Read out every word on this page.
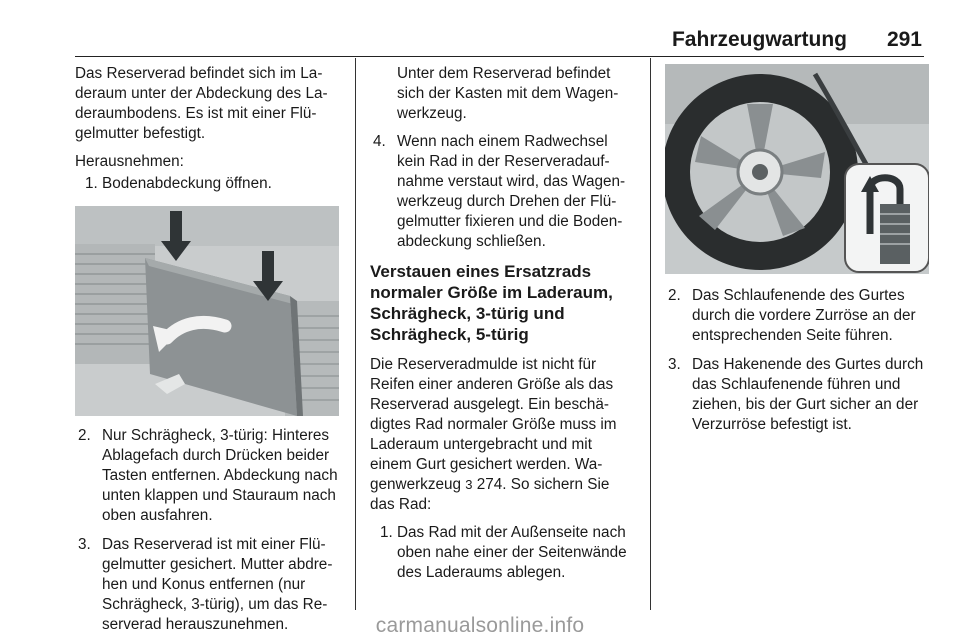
Fahrzeugwartung 291

Das Reserverad befindet sich im Laderaum unter der Abdeckung des Laderaumbodens. Es ist mit einer Flügelmutter befestigt.

Herausnehmen:

1. Bodenabdeckung öffnen.
2. Nur Schrägheck, 3-türig: Hinteres Ablagefach durch Drücken beider Tasten entfernen. Abdeckung nach unten klappen und Stauraum nach oben ausfahren.
3. Das Reserverad ist mit einer Flügelmutter gesichert. Mutter abdrehen und Konus entfernen (nur Schrägheck, 3-türig), um das Reserverad herauszunehmen.

Unter dem Reserverad befindet sich der Kasten mit dem Wagenwerkzeug.

4. Wenn nach einem Radwechsel kein Rad in der Reserveradaufnahme verstaut wird, das Wagenwerkzeug durch Drehen der Flügelmutter fixieren und die Bodenabdeckung schließen.
Verstauen eines Ersatzrads normaler Größe im Laderaum, Schrägheck, 3-türig und Schrägheck, 5-türig

Die Reserveradmulde ist nicht für Reifen einer anderen Größe als das Reserverad ausgelegt. Ein beschädigtes Rad normaler Größe muss im Laderaum untergebracht und mit einem Gurt gesichert werden. Wagenwerkzeug 3 274. So sichern Sie das Rad:

1. Das Rad mit der Außenseite nach oben nahe einer der Seitenwände des Laderaums ablegen.
2. Das Schlaufenende des Gurtes durch die vordere Zurröse an der entsprechenden Seite führen.
3. Das Hakenende des Gurtes durch das Schlaufenende führen und ziehen, bis der Gurt sicher an der Verzurröse befestigt ist.
carmanualsonline.info
